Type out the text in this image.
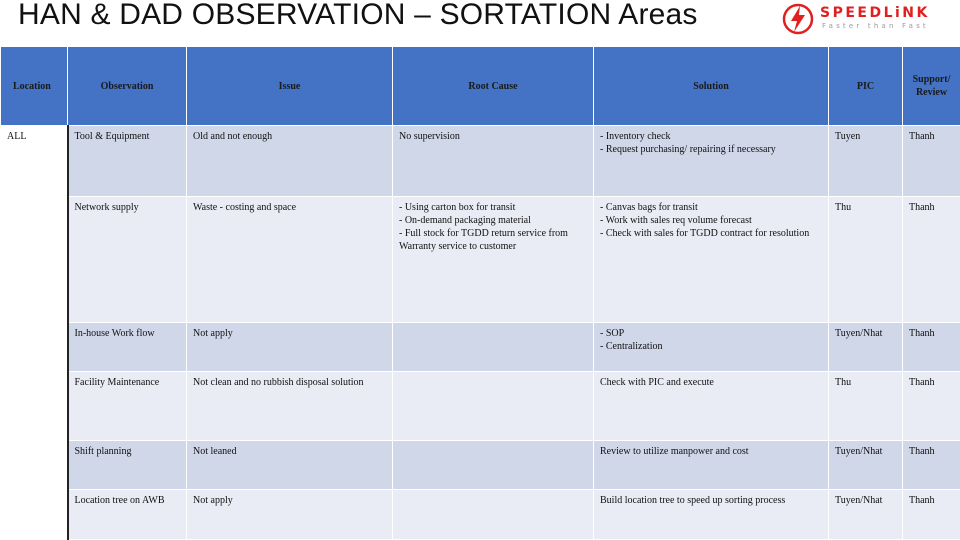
HAN & DAD OBSERVATION – SORTATION Areas	SPEEDLiNK
Faster than Fast
Location	Observation	Issue	Root Cause	Solution	PIC	Support/ Review
ALL	Tool & Equipment	Old and not enough	No supervision	- Inventory check
- Request purchasing/ repairing if necessary	Tuyen	Thanh
	Network supply	Waste - costing and space	- Using carton box for transit
- On-demand packaging material
- Full stock for TGDD return service from Warranty service to customer	- Canvas bags for transit
- Work with sales req volume forecast
- Check with sales for TGDD contract for resolution	Thu	Thanh
	In-house Work flow	Not apply		- SOP
- Centralization	Tuyen/Nhat	Thanh
	Facility Maintenance	Not clean and no rubbish disposal solution		Check with PIC and execute	Thu	Thanh
	Shift planning	Not leaned		Review to utilize manpower and cost	Tuyen/Nhat	Thanh
	Location tree on AWB	Not apply		Build location tree to speed up sorting process	Tuyen/Nhat	Thanh
